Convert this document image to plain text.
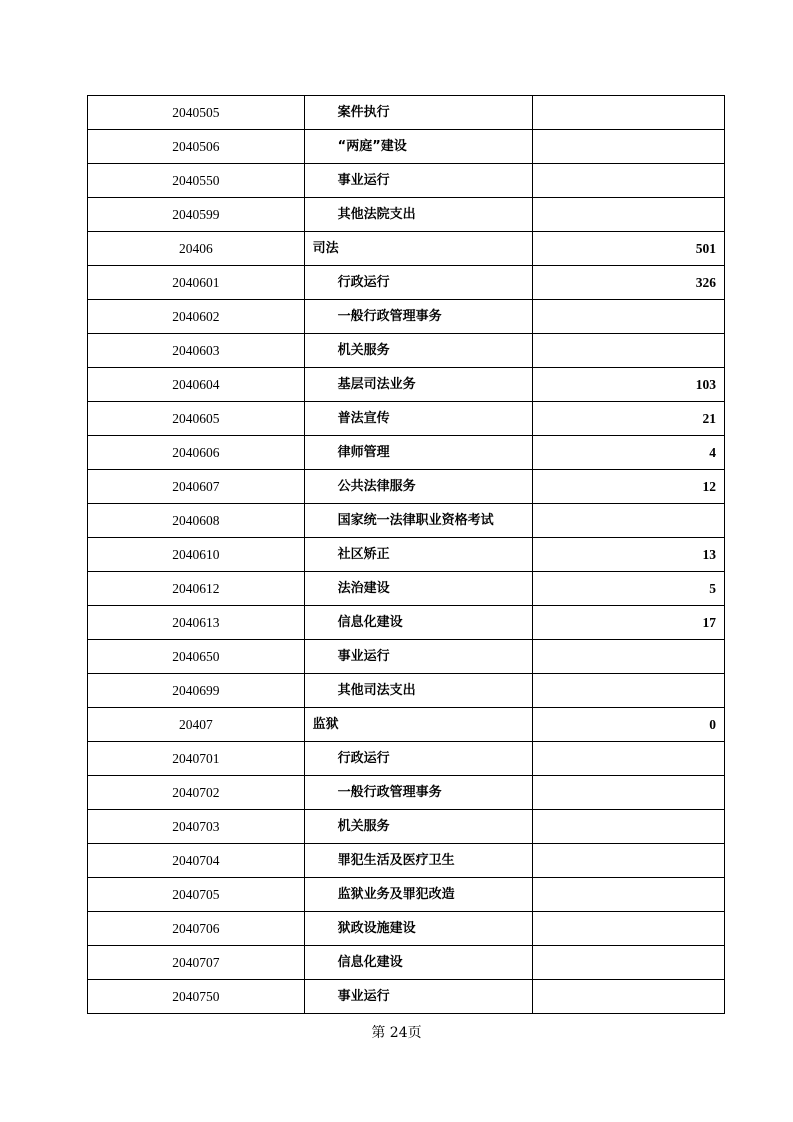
2040505	案件执行	
2040506	“两庭”建设	
2040550	事业运行	
2040599	其他法院支出	
20406	司法	501
2040601	行政运行	326
2040602	一般行政管理事务	
2040603	机关服务	
2040604	基层司法业务	103
2040605	普法宣传	21
2040606	律师管理	4
2040607	公共法律服务	12
2040608	国家统一法律职业资格考试	
2040610	社区矫正	13
2040612	法治建设	5
2040613	信息化建设	17
2040650	事业运行	
2040699	其他司法支出	
20407	监狱	0
2040701	行政运行	
2040702	一般行政管理事务	
2040703	机关服务	
2040704	罪犯生活及医疗卫生	
2040705	监狱业务及罪犯改造	
2040706	狱政设施建设	
2040707	信息化建设	
2040750	事业运行	
第 24页
